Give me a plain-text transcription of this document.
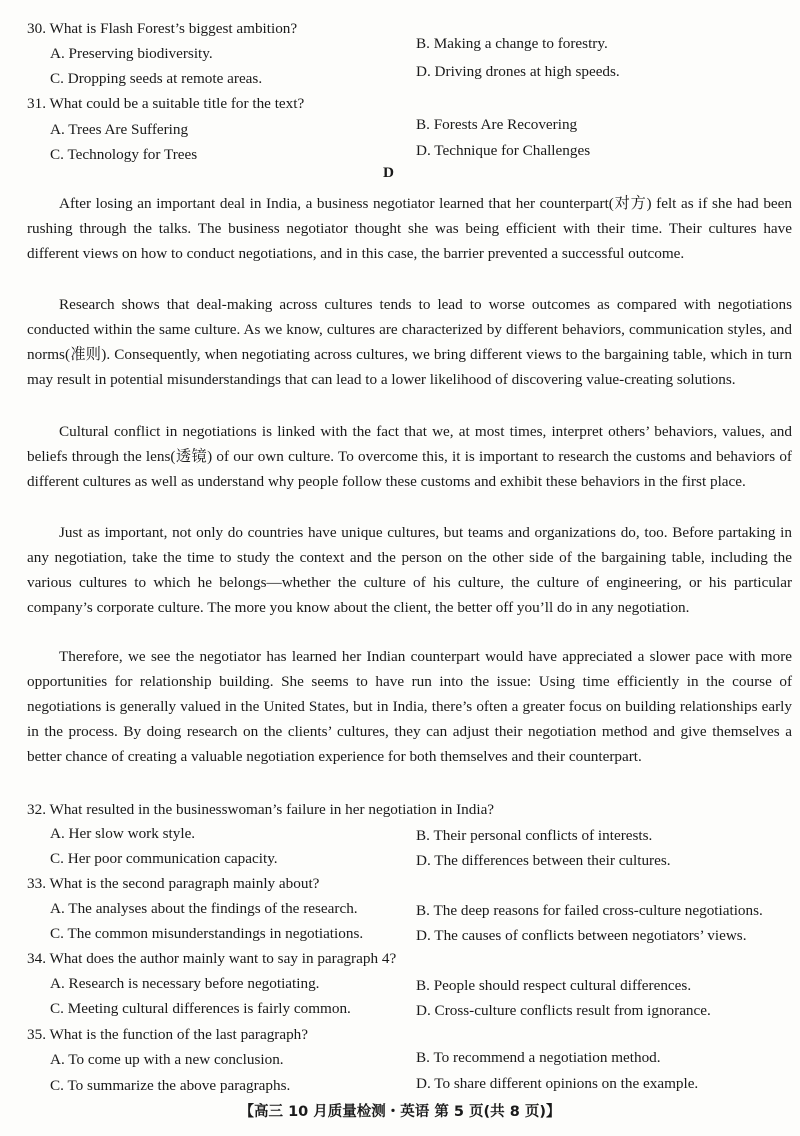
30. What is Flash Forest’s biggest ambition?
A. Preserving biodiversity.
B. Making a change to forestry.
C. Dropping seeds at remote areas.	D. Driving drones at high speeds.
31. What could be a suitable title for the text?
A. Trees Are Suffering	B. Forests Are Recovering
C. Technology for Trees	D. Technique for Challenges
D

After losing an important deal in India, a business negotiator learned that her counterpart(对方) felt as if she had been rushing through the talks. The business negotiator thought she was being efficient with their time. Their cultures have different views on how to conduct negotiations, and in this case, the barrier prevented a successful outcome.

Research shows that deal-making across cultures tends to lead to worse outcomes as compared with negotiations conducted within the same culture. As we know, cultures are characterized by different behaviors, communication styles, and norms(准则). Consequently, when negotiating across cultures, we bring different views to the bargaining table, which in turn may result in potential misunderstandings that can lead to a lower likelihood of discovering value-creating solutions.

Cultural conflict in negotiations is linked with the fact that we, at most times, interpret others’ behaviors, values, and beliefs through the lens(透镜) of our own culture. To overcome this, it is important to research the customs and behaviors of different cultures as well as understand why people follow these customs and exhibit these behaviors in the first place.

Just as important, not only do countries have unique cultures, but teams and organizations do, too. Before partaking in any negotiation, take the time to study the context and the person on the other side of the bargaining table, including the various cultures to which he belongs—whether the culture of his culture, the culture of engineering, or his particular company’s corporate culture. The more you know about the client, the better off you’ll do in any negotiation.

Therefore, we see the negotiator has learned her Indian counterpart would have appreciated a slower pace with more opportunities for relationship building. She seems to have run into the issue: Using time efficiently in the course of negotiations is generally valued in the United States, but in India, there’s often a greater focus on building relationships early in the process. By doing research on the clients’ cultures, they can adjust their negotiation method and give themselves a better chance of creating a valuable negotiation experience for both themselves and their counterpart.

32. What resulted in the businesswoman’s failure in her negotiation in India?
A. Her slow work style.	B. Their personal conflicts of interests.
C. Her poor communication capacity.	D. The differences between their cultures.
33. What is the second paragraph mainly about?
A. The analyses about the findings of the research.	B. The deep reasons for failed cross-culture negotiations.
C. The common misunderstandings in negotiations.	D. The causes of conflicts between negotiators’ views.
34. What does the author mainly want to say in paragraph 4?
A. Research is necessary before negotiating.	B. People should respect cultural differences.
C. Meeting cultural differences is fairly common.	D. Cross-culture conflicts result from ignorance.
35. What is the function of the last paragraph?
A. To come up with a new conclusion.	B. To recommend a negotiation method.
C. To summarize the above paragraphs.	D. To share different opinions on the example.
【高三 10 月质量检测・英语 第 5 页(共 8 页)】
